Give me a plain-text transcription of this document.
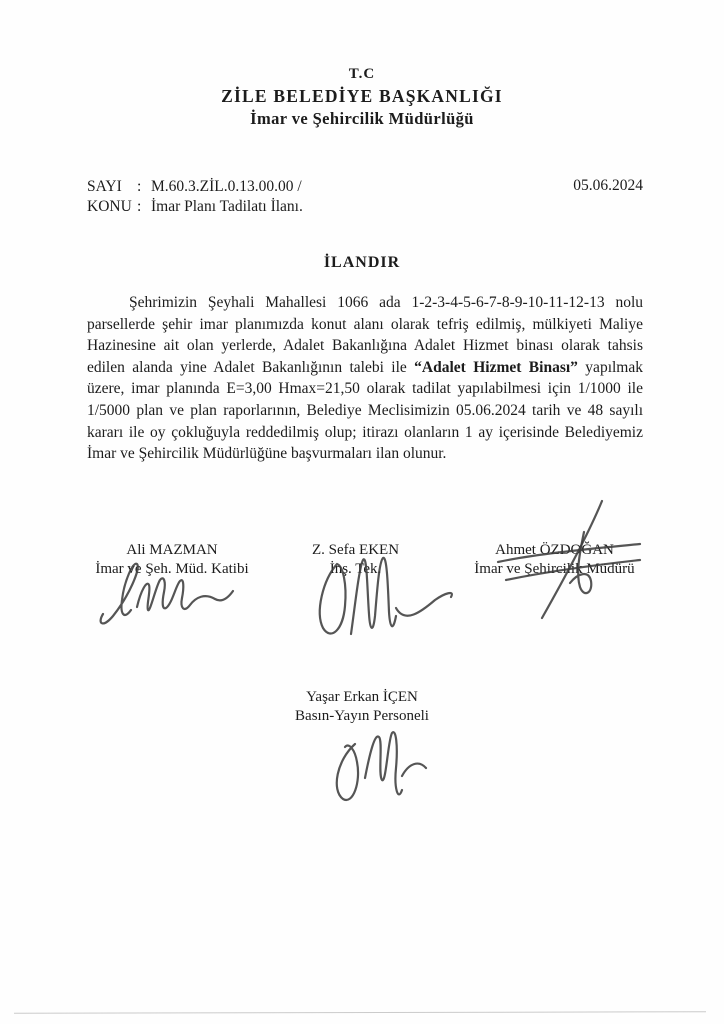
T.C
ZİLE BELEDİYE BAŞKANLIĞI
İmar ve Şehircilik Müdürlüğü
SAYI : M.60.3.ZİL.0.13.00.00 /
KONU : İmar Planı Tadilatı İlanı.
05.06.2024
İLANDIR

Şehrimizin Şeyhali Mahallesi 1066 ada 1-2-3-4-5-6-7-8-9-10-11-12-13 nolu parsellerde şehir imar planımızda konut alanı olarak tefriş edilmiş, mülkiyeti Maliye Hazinesine ait olan yerlerde, Adalet Bakanlığına Adalet Hizmet binası olarak tahsis edilen alanda yine Adalet Bakanlığının talebi ile “Adalet Hizmet Binası” yapılmak üzere, imar planında E=3,00 Hmax=21,50 olarak tadilat yapılabilmesi için 1/1000 ile 1/5000 plan ve plan raporlarının, Belediye Meclisimizin 05.06.2024 tarih ve 48 sayılı kararı ile oy çokluğuyla reddedilmiş olup; itirazı olanların 1 ay içerisinde Belediyemiz İmar ve Şehircilik Müdürlüğüne başvurmaları ilan olunur.

Ali MAZMAN
İmar ve Şeh. Müd. Katibi
Z. Sefa EKEN
İnş. Tek.
Ahmet ÖZDOĞAN
İmar ve Şehircilik Müdürü
Yaşar Erkan İÇEN
Basın-Yayın Personeli
